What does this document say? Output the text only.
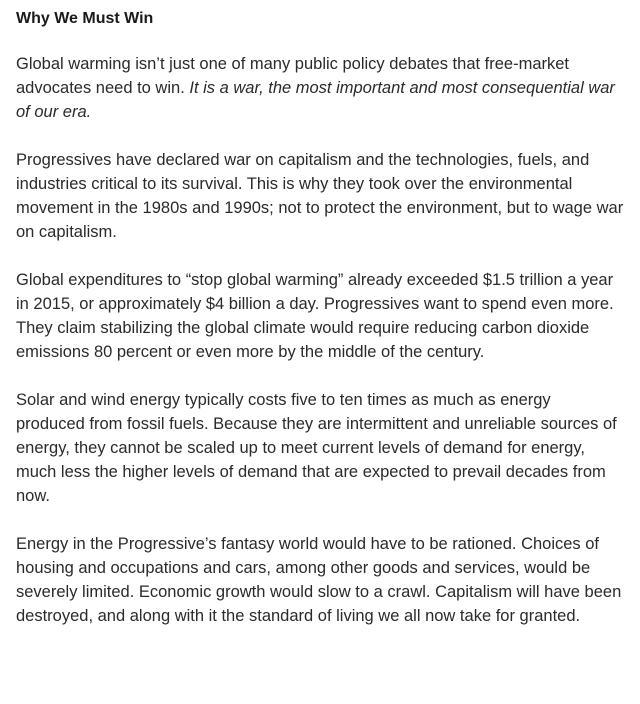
Why We Must Win

Global warming isn’t just one of many public policy debates that free-market advocates need to win. It is a war, the most important and most consequential war of our era.

Progressives have declared war on capitalism and the technologies, fuels, and industries critical to its survival. This is why they took over the environmental movement in the 1980s and 1990s; not to protect the environment, but to wage war on capitalism.

Global expenditures to “stop global warming” already exceeded $1.5 trillion a year in 2015, or approximately $4 billion a day. Progressives want to spend even more. They claim stabilizing the global climate would require reducing carbon dioxide emissions 80 percent or even more by the middle of the century.

Solar and wind energy typically costs five to ten times as much as energy produced from fossil fuels. Because they are intermittent and unreliable sources of energy, they cannot be scaled up to meet current levels of demand for energy, much less the higher levels of demand that are expected to prevail decades from now.

Energy in the Progressive’s fantasy world would have to be rationed. Choices of housing and occupations and cars, among other goods and services, would be severely limited. Economic growth would slow to a crawl. Capitalism will have been destroyed, and along with it the standard of living we all now take for granted.
